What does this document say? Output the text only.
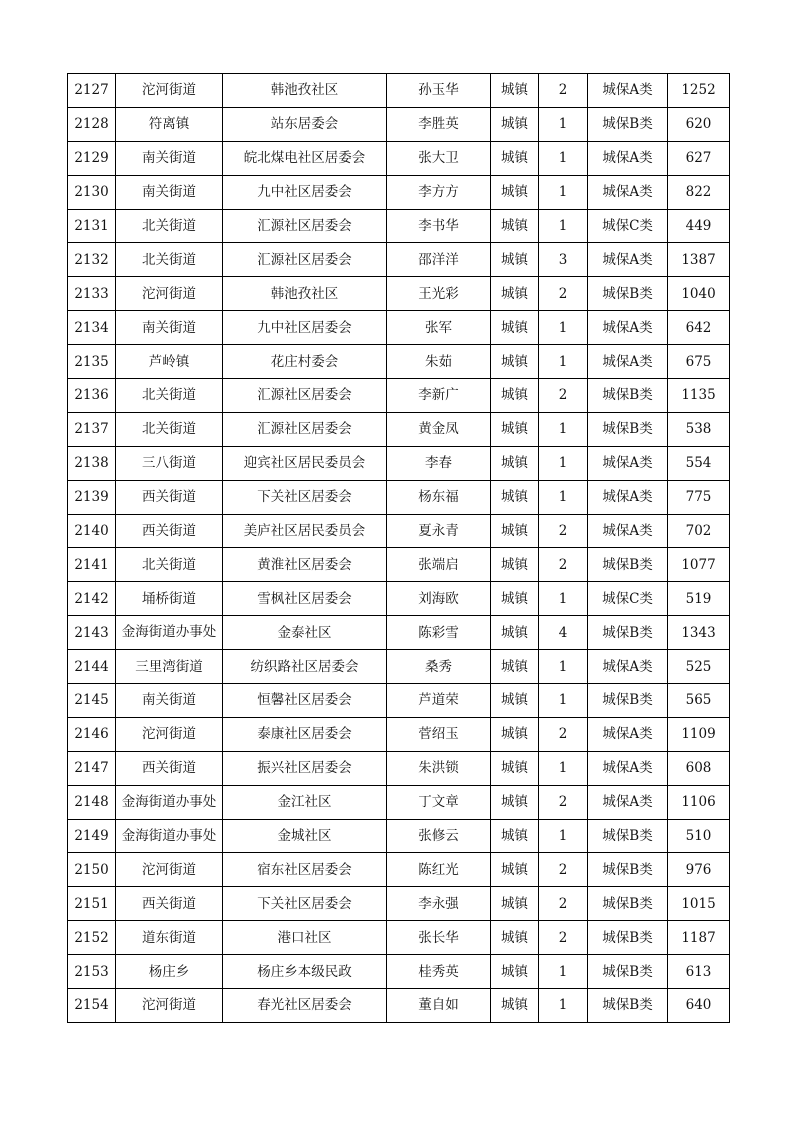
2127	沱河街道	韩池孜社区	孙玉华	城镇	2	城保A类	1252
2128	符离镇	站东居委会	李胜英	城镇	1	城保B类	620
2129	南关街道	皖北煤电社区居委会	张大卫	城镇	1	城保A类	627
2130	南关街道	九中社区居委会	李方方	城镇	1	城保A类	822
2131	北关街道	汇源社区居委会	李书华	城镇	1	城保C类	449
2132	北关街道	汇源社区居委会	邵洋洋	城镇	3	城保A类	1387
2133	沱河街道	韩池孜社区	王光彩	城镇	2	城保B类	1040
2134	南关街道	九中社区居委会	张军	城镇	1	城保A类	642
2135	芦岭镇	花庄村委会	朱茹	城镇	1	城保A类	675
2136	北关街道	汇源社区居委会	李新广	城镇	2	城保B类	1135
2137	北关街道	汇源社区居委会	黄金凤	城镇	1	城保B类	538
2138	三八街道	迎宾社区居民委员会	李春	城镇	1	城保A类	554
2139	西关街道	下关社区居委会	杨东福	城镇	1	城保A类	775
2140	西关街道	美庐社区居民委员会	夏永青	城镇	2	城保A类	702
2141	北关街道	黄淮社区居委会	张端启	城镇	2	城保B类	1077
2142	埇桥街道	雪枫社区居委会	刘海欧	城镇	1	城保C类	519
2143	金海街道办事处	金泰社区	陈彩雪	城镇	4	城保B类	1343
2144	三里湾街道	纺织路社区居委会	桑秀	城镇	1	城保A类	525
2145	南关街道	恒馨社区居委会	芦道荣	城镇	1	城保B类	565
2146	沱河街道	泰康社区居委会	菅绍玉	城镇	2	城保A类	1109
2147	西关街道	振兴社区居委会	朱洪锁	城镇	1	城保A类	608
2148	金海街道办事处	金江社区	丁文章	城镇	2	城保A类	1106
2149	金海街道办事处	金城社区	张修云	城镇	1	城保B类	510
2150	沱河街道	宿东社区居委会	陈红光	城镇	2	城保B类	976
2151	西关街道	下关社区居委会	李永强	城镇	2	城保B类	1015
2152	道东街道	港口社区	张长华	城镇	2	城保B类	1187
2153	杨庄乡	杨庄乡本级民政	桂秀英	城镇	1	城保B类	613
2154	沱河街道	春光社区居委会	董自如	城镇	1	城保B类	640
